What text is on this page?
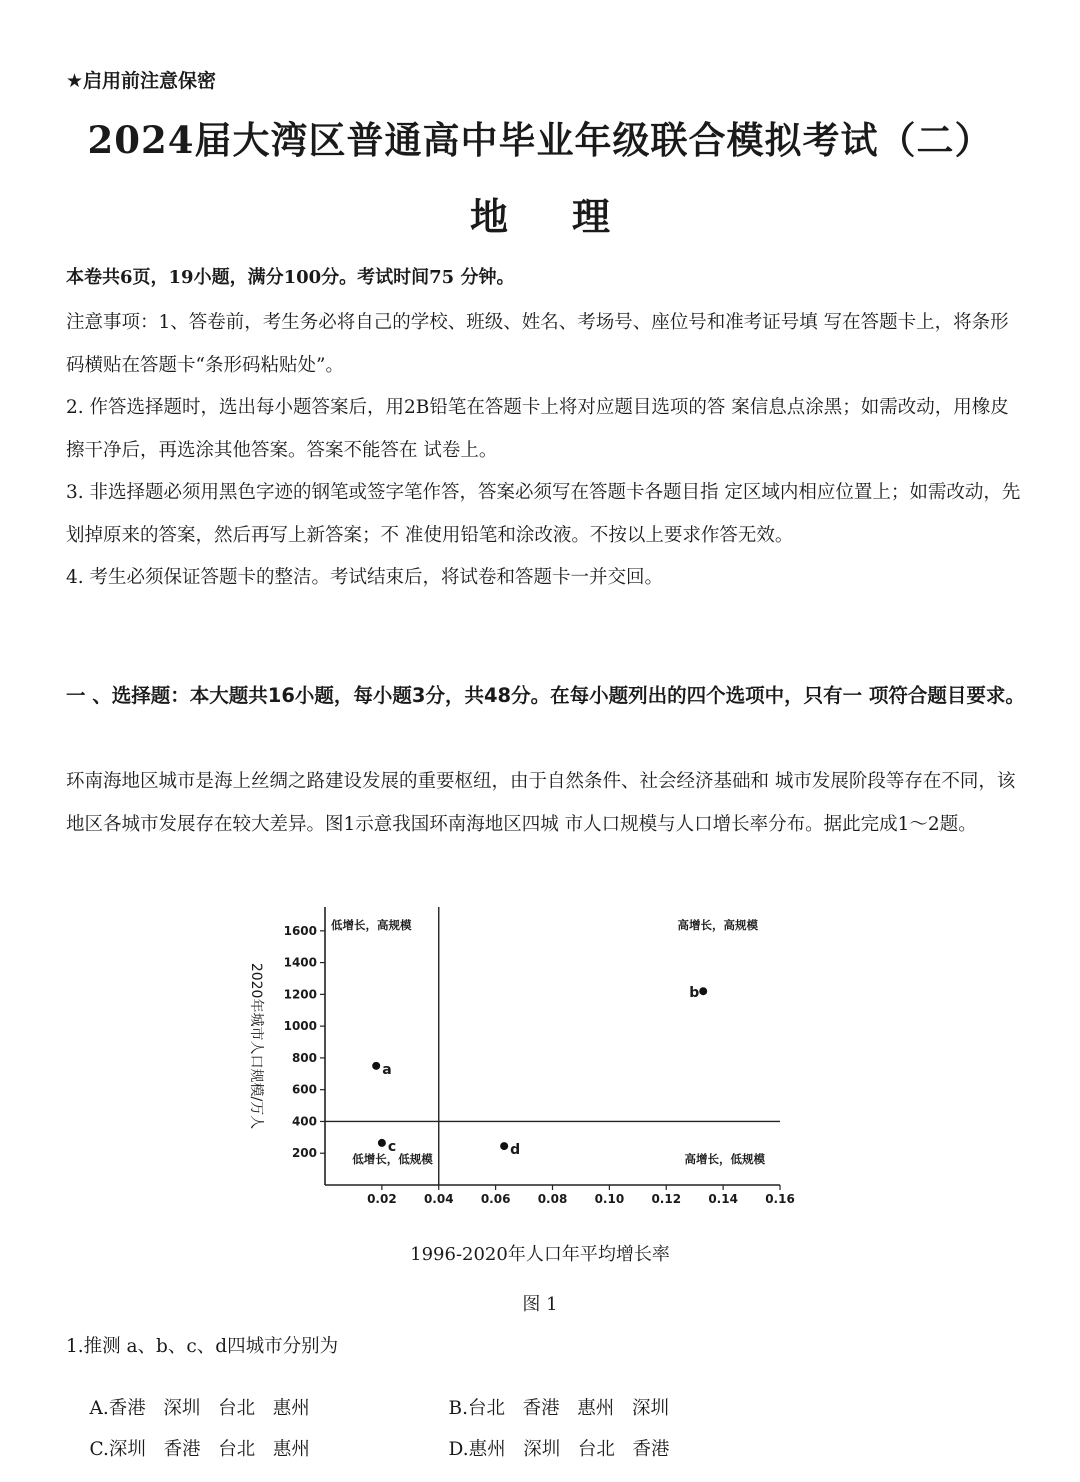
★启用前注意保密

2024届大湾区普通高中毕业年级联合模拟考试（二）
地理

本卷共6页，19小题，满分100分。考试时间75 分钟。

注意事项：1、答卷前，考生务必将自己的学校、班级、姓名、考场号、座位号和准考证号填 写在答题卡上，将条形码横贴在答题卡“条形码粘贴处”。

2. 作答选择题时，选出每小题答案后，用2B铅笔在答题卡上将对应题目选项的答 案信息点涂黑；如需改动，用橡皮擦干净后，再选涂其他答案。答案不能答在 试卷上。

3. 非选择题必须用黑色字迹的钢笔或签字笔作答，答案必须写在答题卡各题目指 定区域内相应位置上；如需改动，先划掉原来的答案，然后再写上新答案；不 准使用铅笔和涂改液。不按以上要求作答无效。

4. 考生必须保证答题卡的整洁。考试结束后，将试卷和答题卡一并交回。

一 、选择题：本大题共16小题，每小题3分，共48分。在每小题列出的四个选项中，只有一 项符合题目要求。
环南海地区城市是海上丝绸之路建设发展的重要枢纽，由于自然条件、社会经济基础和 城市发展阶段等存在不同，该地区各城市发展存在较大差异。图1示意我国环南海地区四城 市人口规模与人口增长率分布。据此完成1～2题。
200
400
600
800
1000
1200
1400
1600
0.02 0.04 0.06 0.08 0.10 0.12 0.14 0.16
2020年城市人口规模/万人
低增长，高规模	高增长，高规模
低增长，低规模	高增长，低规模
a
b
c	d

1996-2020年人口年平均增长率

图 1

1.推测 a、b、c、d四城市分别为

A.香港   深圳   台北   惠州
	B.台北   香港   惠州   深圳

C.深圳   香港   台北   惠州
	D.惠州   深圳   台北   香港
